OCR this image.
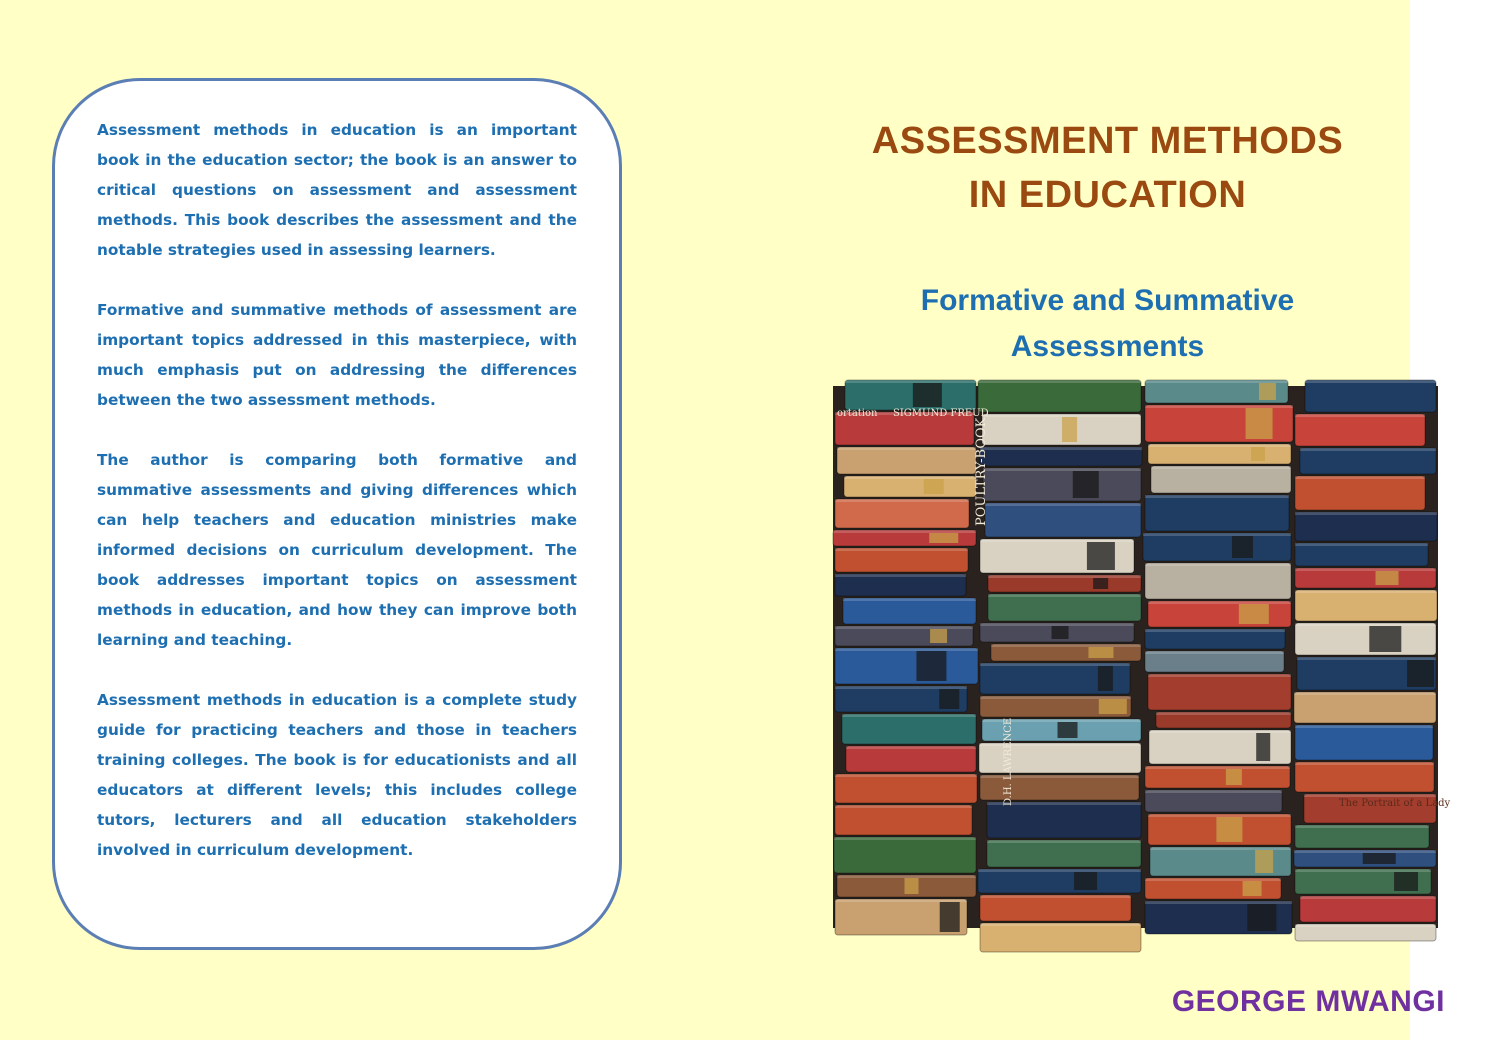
Assessment methods in education is an important book in the education sector; the book is an answer to critical questions on assessment and assessment methods. This book describes the assessment and the notable strategies used in assessing learners.

Formative and summative methods of assessment are important topics addressed in this masterpiece, with much emphasis put on addressing the differences between the two assessment methods.

The author is comparing both formative and summative assessments and giving differences which can help teachers and education ministries make informed decisions on curriculum development. The book addresses important topics on assessment methods in education, and how they can improve both learning and teaching.

Assessment methods in education is a complete study guide for practicing teachers and those in teachers training colleges. The book is for educationists and all educators at different levels; this includes college tutors, lecturers and all education stakeholders involved in curriculum development.

ASSESSMENT METHODS
IN EDUCATION
Formative and Summative
Assessments
ortation SIGMUND FREUD
POULTRY-BOOK
D.H. LAWRENCE	The Portrait of a Lady
GEORGE MWANGI
